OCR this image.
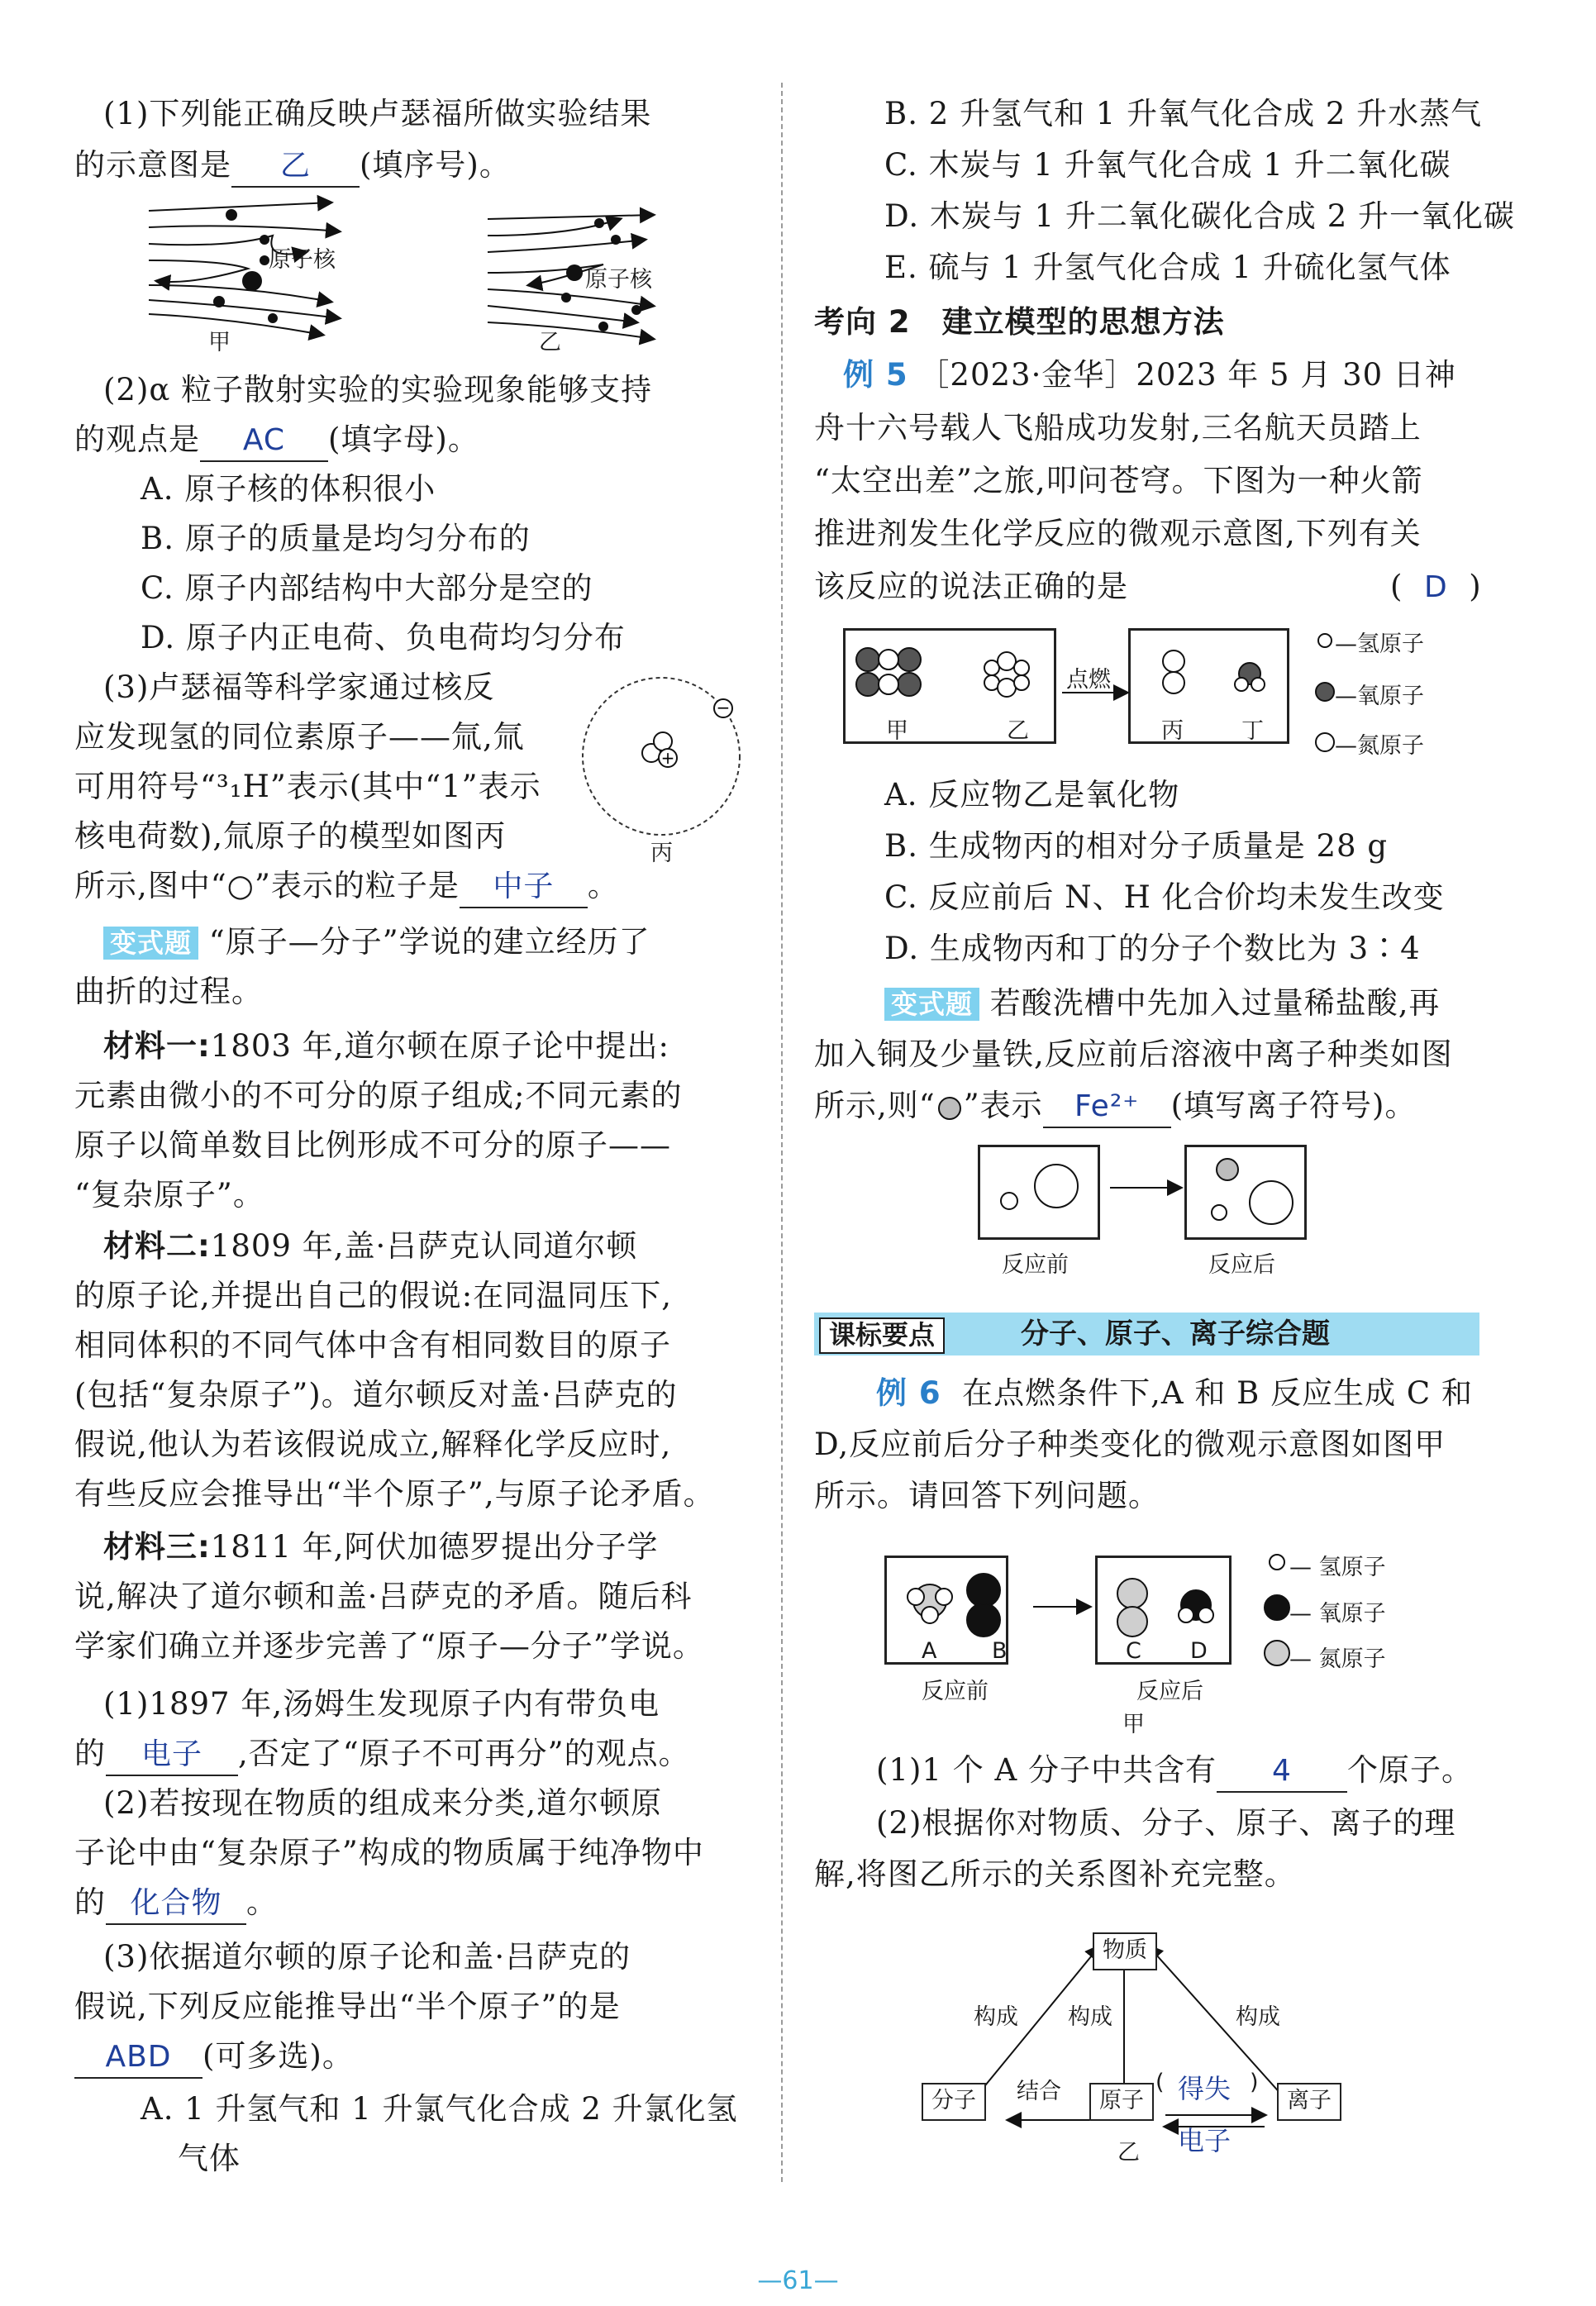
(1)下列能正确反映卢瑟福所做实验结果
的示意图是 乙 (填序号)。
原子核
原子核
甲	乙
(2)α 粒子散射实验的实验现象能够支持
的观点是 AC (填字母)。
A. 原子核的体积很小
B. 原子的质量是均匀分布的
C. 原子内部结构中大部分是空的
D. 原子内正电荷、负电荷均匀分布
(3)卢瑟福等科学家通过核反
应发现氢的同位素原子——氚,氚
可用符号“³₁H”表示(其中“1”表示
核电荷数),氚原子的模型如图丙
所示,图中“○”表示的粒子是 中子 。
−
+
丙
变式题 “原子—分子”学说的建立经历了
曲折的过程。
材料一:1803 年,道尔顿在原子论中提出:
元素由微小的不可分的原子组成;不同元素的
原子以简单数目比例形成不可分的原子——
“复杂原子”。
材料二:1809 年,盖·吕萨克认同道尔顿
的原子论,并提出自己的假说:在同温同压下,
相同体积的不同气体中含有相同数目的原子
(包括“复杂原子”)。道尔顿反对盖·吕萨克的
假说,他认为若该假说成立,解释化学反应时,
有些反应会推导出“半个原子”,与原子论矛盾。
材料三:1811 年,阿伏加德罗提出分子学
说,解决了道尔顿和盖·吕萨克的矛盾。随后科
学家们确立并逐步完善了“原子—分子”学说。
(1)1897 年,汤姆生发现原子内有带负电
的 电子 ,否定了“原子不可再分”的观点。
(2)若按现在物质的组成来分类,道尔顿原
子论中由“复杂原子”构成的物质属于纯净物中
的 化合物 。
(3)依据道尔顿的原子论和盖·吕萨克的
假说,下列反应能推导出“半个原子”的是
ABD (可多选)。
A. 1 升氢气和 1 升氯气化合成 2 升氯化氢
气体
B. 2 升氢气和 1 升氧气化合成 2 升水蒸气
C. 木炭与 1 升氧气化合成 1 升二氧化碳
D. 木炭与 1 升二氧化碳化合成 2 升一氧化碳
E. 硫与 1 升氢气化合成 1 升硫化氢气体
考向 2　建立模型的思想方法
例 5 ［2023·金华］2023 年 5 月 30 日神
舟十六号载人飞船成功发射,三名航天员踏上
“太空出差”之旅,叩问苍穹。下图为一种火箭
推进剂发生化学反应的微观示意图,下列有关
该反应的说法正确的是	(  D  )
点燃
甲	乙	丙	丁
—氢原子
—氧原子
—氮原子
A. 反应物乙是氧化物
B. 生成物丙的相对分子质量是 28 g
C. 反应前后 N、H 化合价均未发生改变
D. 生成物丙和丁的分子个数比为 3∶4
变式题 若酸洗槽中先加入过量稀盐酸,再
加入铜及少量铁,反应前后溶液中离子种类如图
所示,则“ ”表示 Fe²⁺ (填写离子符号)。
反应前	反应后
课标要点	分子、原子、离子综合题
例 6 在点燃条件下,A 和 B 反应生成 C 和
D,反应前后分子种类变化的微观示意图如图甲
所示。请回答下列问题。
A B	C D
反应前	反应后
甲
— 氢原子
— 氧原子
— 氮原子
(1)1 个 A 分子中共含有 4 个原子。
(2)根据你对物质、分子、原子、离子的理
解,将图乙所示的关系图补充完整。
物质
分子	原子	离子
构成 构成	构成
结合	( 得失 )
电子
乙
—61—
